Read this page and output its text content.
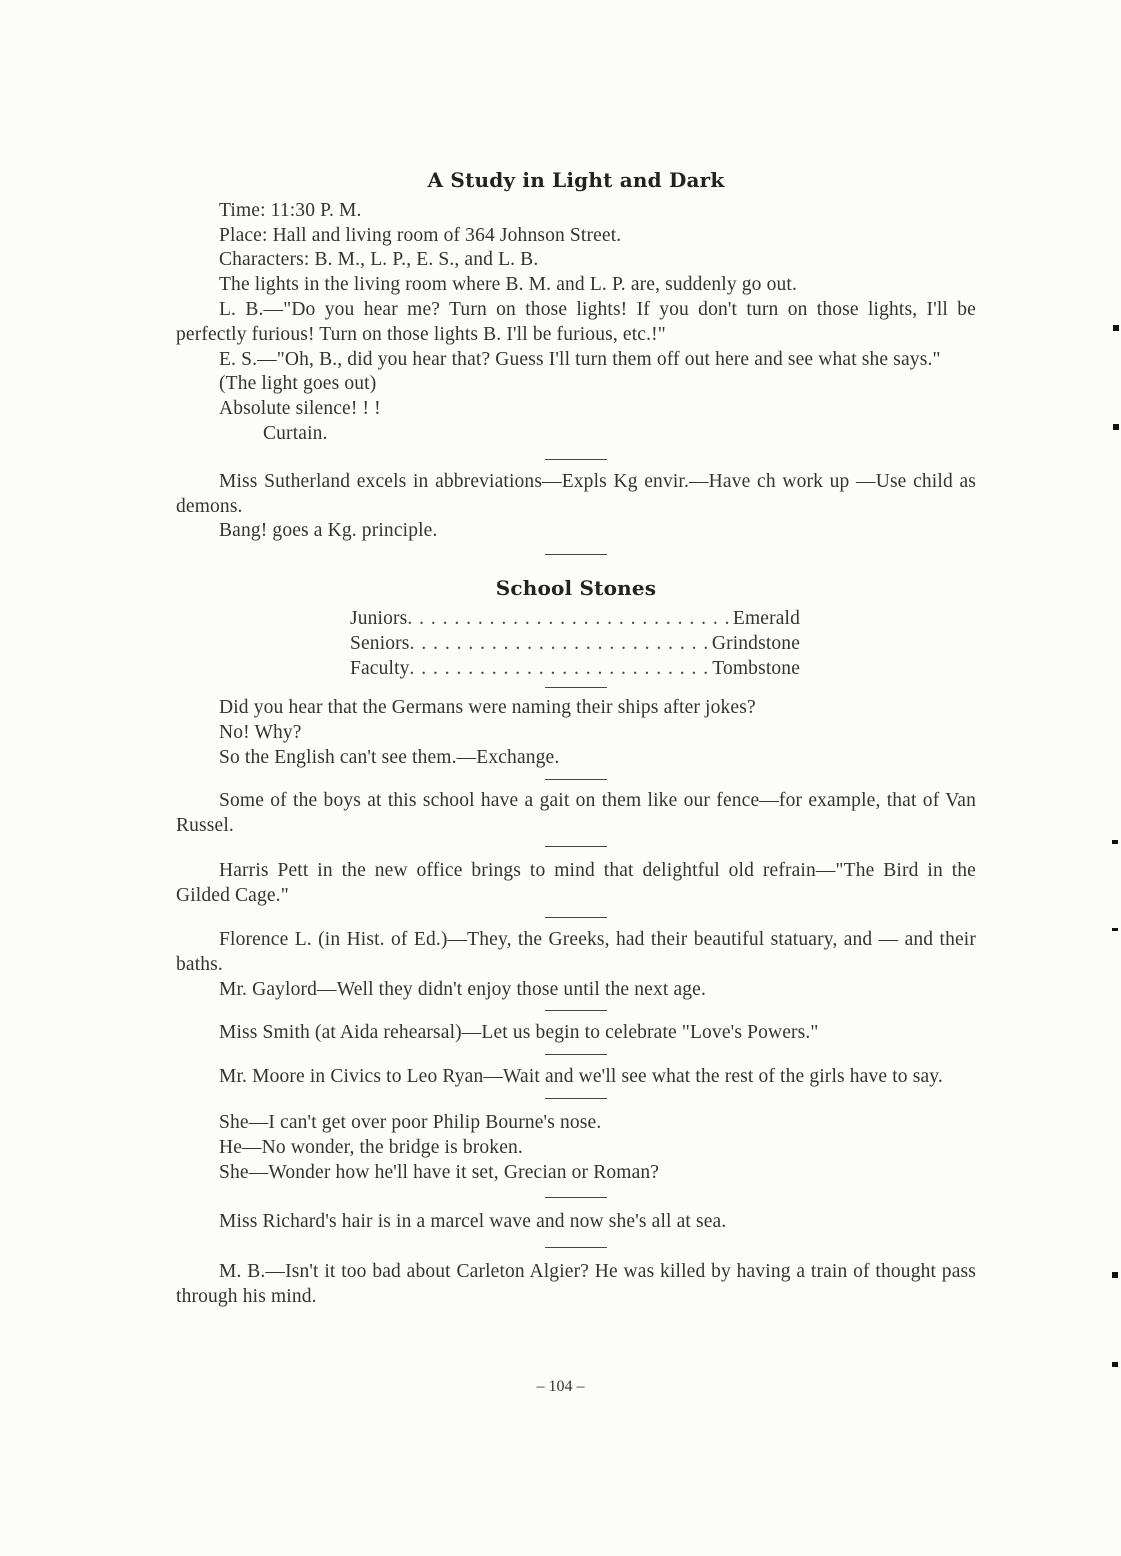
A Study in Light and Dark

Time: 11:30 P. M.

Place: Hall and living room of 364 Johnson Street.

Characters: B. M., L. P., E. S., and L. B.

The lights in the living room where B. M. and L. P. are, suddenly go out.

L. B.—"Do you hear me? Turn on those lights! If you don't turn on those lights, I'll be perfectly furious! Turn on those lights B. I'll be furious, etc.!"

E. S.—"Oh, B., did you hear that? Guess I'll turn them off out here and see what she says."

(The light goes out)

Absolute silence! ! !

Curtain.

Miss Sutherland excels in abbreviations—Expls Kg envir.—Have ch work up —Use child as demons.

Bang! goes a Kg. principle.

School Stones
Juniors . . .	Emerald
Seniors . . .	Grindstone
Faculty . . .	Tombstone

Did you hear that the Germans were naming their ships after jokes?

No! Why?

So the English can't see them.—Exchange.

Some of the boys at this school have a gait on them like our fence—for example, that of Van Russel.

Harris Pett in the new office brings to mind that delightful old refrain—"The Bird in the Gilded Cage."

Florence L. (in Hist. of Ed.)—They, the Greeks, had their beautiful statuary, and — and their baths.

Mr. Gaylord—Well they didn't enjoy those until the next age.

Miss Smith (at Aida rehearsal)—Let us begin to celebrate "Love's Powers."

Mr. Moore in Civics to Leo Ryan—Wait and we'll see what the rest of the girls have to say.

She—I can't get over poor Philip Bourne's nose.

He—No wonder, the bridge is broken.

She—Wonder how he'll have it set, Grecian or Roman?

Miss Richard's hair is in a marcel wave and now she's all at sea.

M. B.—Isn't it too bad about Carleton Algier? He was killed by having a train of thought pass through his mind.

– 104 –
